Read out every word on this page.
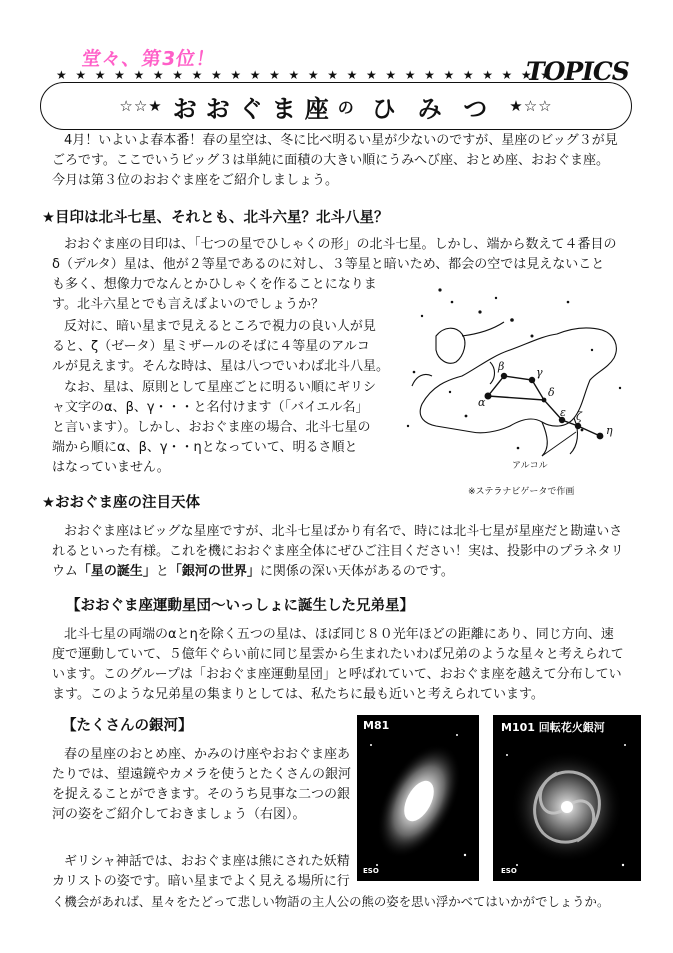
堂々、第3位！
★ ★ ★ ★ ★ ★ ★ ★ ★ ★ ★ ★ ★ ★ ★ ★ ★ ★ ★ ★ ★ ★ ★ ★ ★ ★
TOPICS
☆☆★ おおぐま座 の ひみつ ★☆☆
4月！いよいよ春本番！春の星空は、冬に比べ明るい星が少ないのですが、星座のビッグ３が見
ごろです。ここでいうビッグ３は単純に面積の大きい順にうみへび座、おとめ座、おおぐま座。
今月は第３位のおおぐま座をご紹介しましょう。
★目印は北斗七星、それとも、北斗六星？北斗八星？
おおぐま座の目印は、「七つの星でひしゃくの形」の北斗七星。しかし、端から数えて４番目の
δ（デルタ）星は、他が２等星であるのに対し、３等星と暗いため、都会の空では見えないこと
も多く、想像力でなんとかひしゃくを作ることになりま
す。北斗六星とでも言えばよいのでしょうか？
反対に、暗い星まで見えるところで視力の良い人が見
ると、ζ（ゼータ）星ミザールのそばに４等星のアルコ
ルが見えます。そんな時は、星は八つでいわば北斗八星。
なお、星は、原則として星座ごとに明るい順にギリシ
ャ文字のα、β、γ・・・と名付けます（「バイエル名」
と言います）。しかし、おおぐま座の場合、北斗七星の
端から順にα、β、γ・・ηとなっていて、明るさ順と
はなっていません。
α
β	γ
δ
ε ζ
η
アルコル
※ステラナビゲータで作画
★おおぐま座の注目天体
おおぐま座はビッグな星座ですが、北斗七星ばかり有名で、時には北斗七星が星座だと勘違いさ
れるといった有様。これを機におおぐま座全体にぜひご注目ください！実は、投影中のプラネタリ
ウム「星の誕生」と「銀河の世界」に関係の深い天体があるのです。
【おおぐま座運動星団〜いっしょに誕生した兄弟星】
北斗七星の両端のαとηを除く五つの星は、ほぼ同じ８０光年ほどの距離にあり、同じ方向、速
度で運動していて、５億年ぐらい前に同じ星雲から生まれたいわば兄弟のような星々と考えられて
います。このグループは「おおぐま座運動星団」と呼ばれていて、おおぐま座を越えて分布してい
ます。このような兄弟星の集まりとしては、私たちに最も近いと考えられています。
【たくさんの銀河】
春の星座のおとめ座、かみのけ座やおおぐま座あ
たりでは、望遠鏡やカメラを使うとたくさんの銀河
を捉えることができます。そのうち見事な二つの銀
河の姿をご紹介しておきましょう（右図）。
ギリシャ神話では、おおぐま座は熊にされた妖精
カリストの姿です。暗い星までよく見える場所に行
く機会があれば、星々をたどって悲しい物語の主人公の熊の姿を思い浮かべてはいかがでしょうか。
M81
ESO
M101 回転花火銀河
ESO
